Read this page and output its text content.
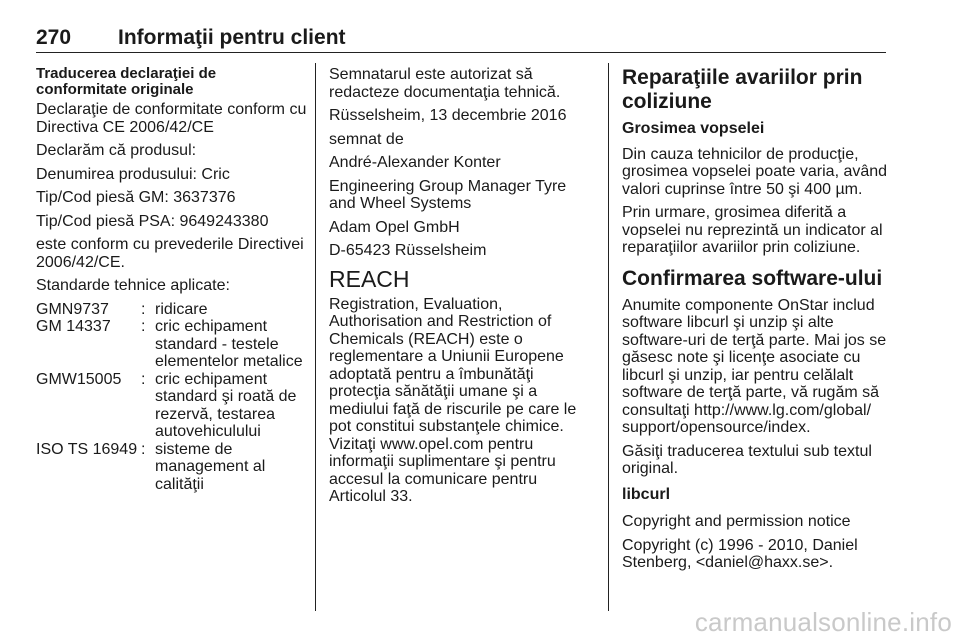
270 Informaţii pentru client
Traducerea declaraţiei de conformitate originale

Declaraţie de conformitate conform cu Directiva CE 2006/42/CE

Declarăm că produsul:

Denumirea produsului: Cric

Tip/Cod piesă GM: 3637376

Tip/Cod piesă PSA: 9649243380

este conform cu prevederile Directivei 2006/42/CE.

Standarde tehnice aplicate:

GMN9737	: ridicare
GM 14337	: cric echipament standard - testele elementelor metalice
GMW15005	: cric echipament standard şi roată de rezervă, testarea autovehiculului
ISO TS 16949 : sisteme de management al calităţii

Semnatarul este autorizat să redacteze documentaţia tehnică.

Rüsselsheim, 13 decembrie 2016

semnat de

André-Alexander Konter

Engineering Group Manager Tyre and Wheel Systems

Adam Opel GmbH

D-65423 Rüsselsheim

REACH

Registration, Evaluation, Authorisation and Restriction of Chemicals (REACH) este o reglementare a Uniunii Europene adoptată pentru a îmbunătăţi protecţia sănătăţii umane şi a mediului faţă de riscurile pe care le pot constitui substanţele chimice. Vizitaţi www.opel.com pentru informaţii suplimentare şi pentru accesul la comunicare pentru Articolul 33.

Reparaţiile avariilor prin coliziune
Grosimea vopselei

Din cauza tehnicilor de producţie, grosimea vopselei poate varia, având valori cuprinse între 50 şi 400 µm.

Prin urmare, grosimea diferită a vopselei nu reprezintă un indicator al reparaţiilor avariilor prin coliziune.

Confirmarea software-ului

Anumite componente OnStar includ software libcurl şi unzip şi alte software-uri de terţă parte. Mai jos se găsesc note şi licenţe asociate cu libcurl şi unzip, iar pentru celălalt software de terţă parte, vă rugăm să consultaţi http://www.lg.com/global/ support/opensource/index.

Găsiţi traducerea textului sub textul original.

libcurl

Copyright and permission notice

Copyright (c) 1996 - 2010, Daniel Stenberg, <daniel@haxx.se>.

carmanualsonline.info
